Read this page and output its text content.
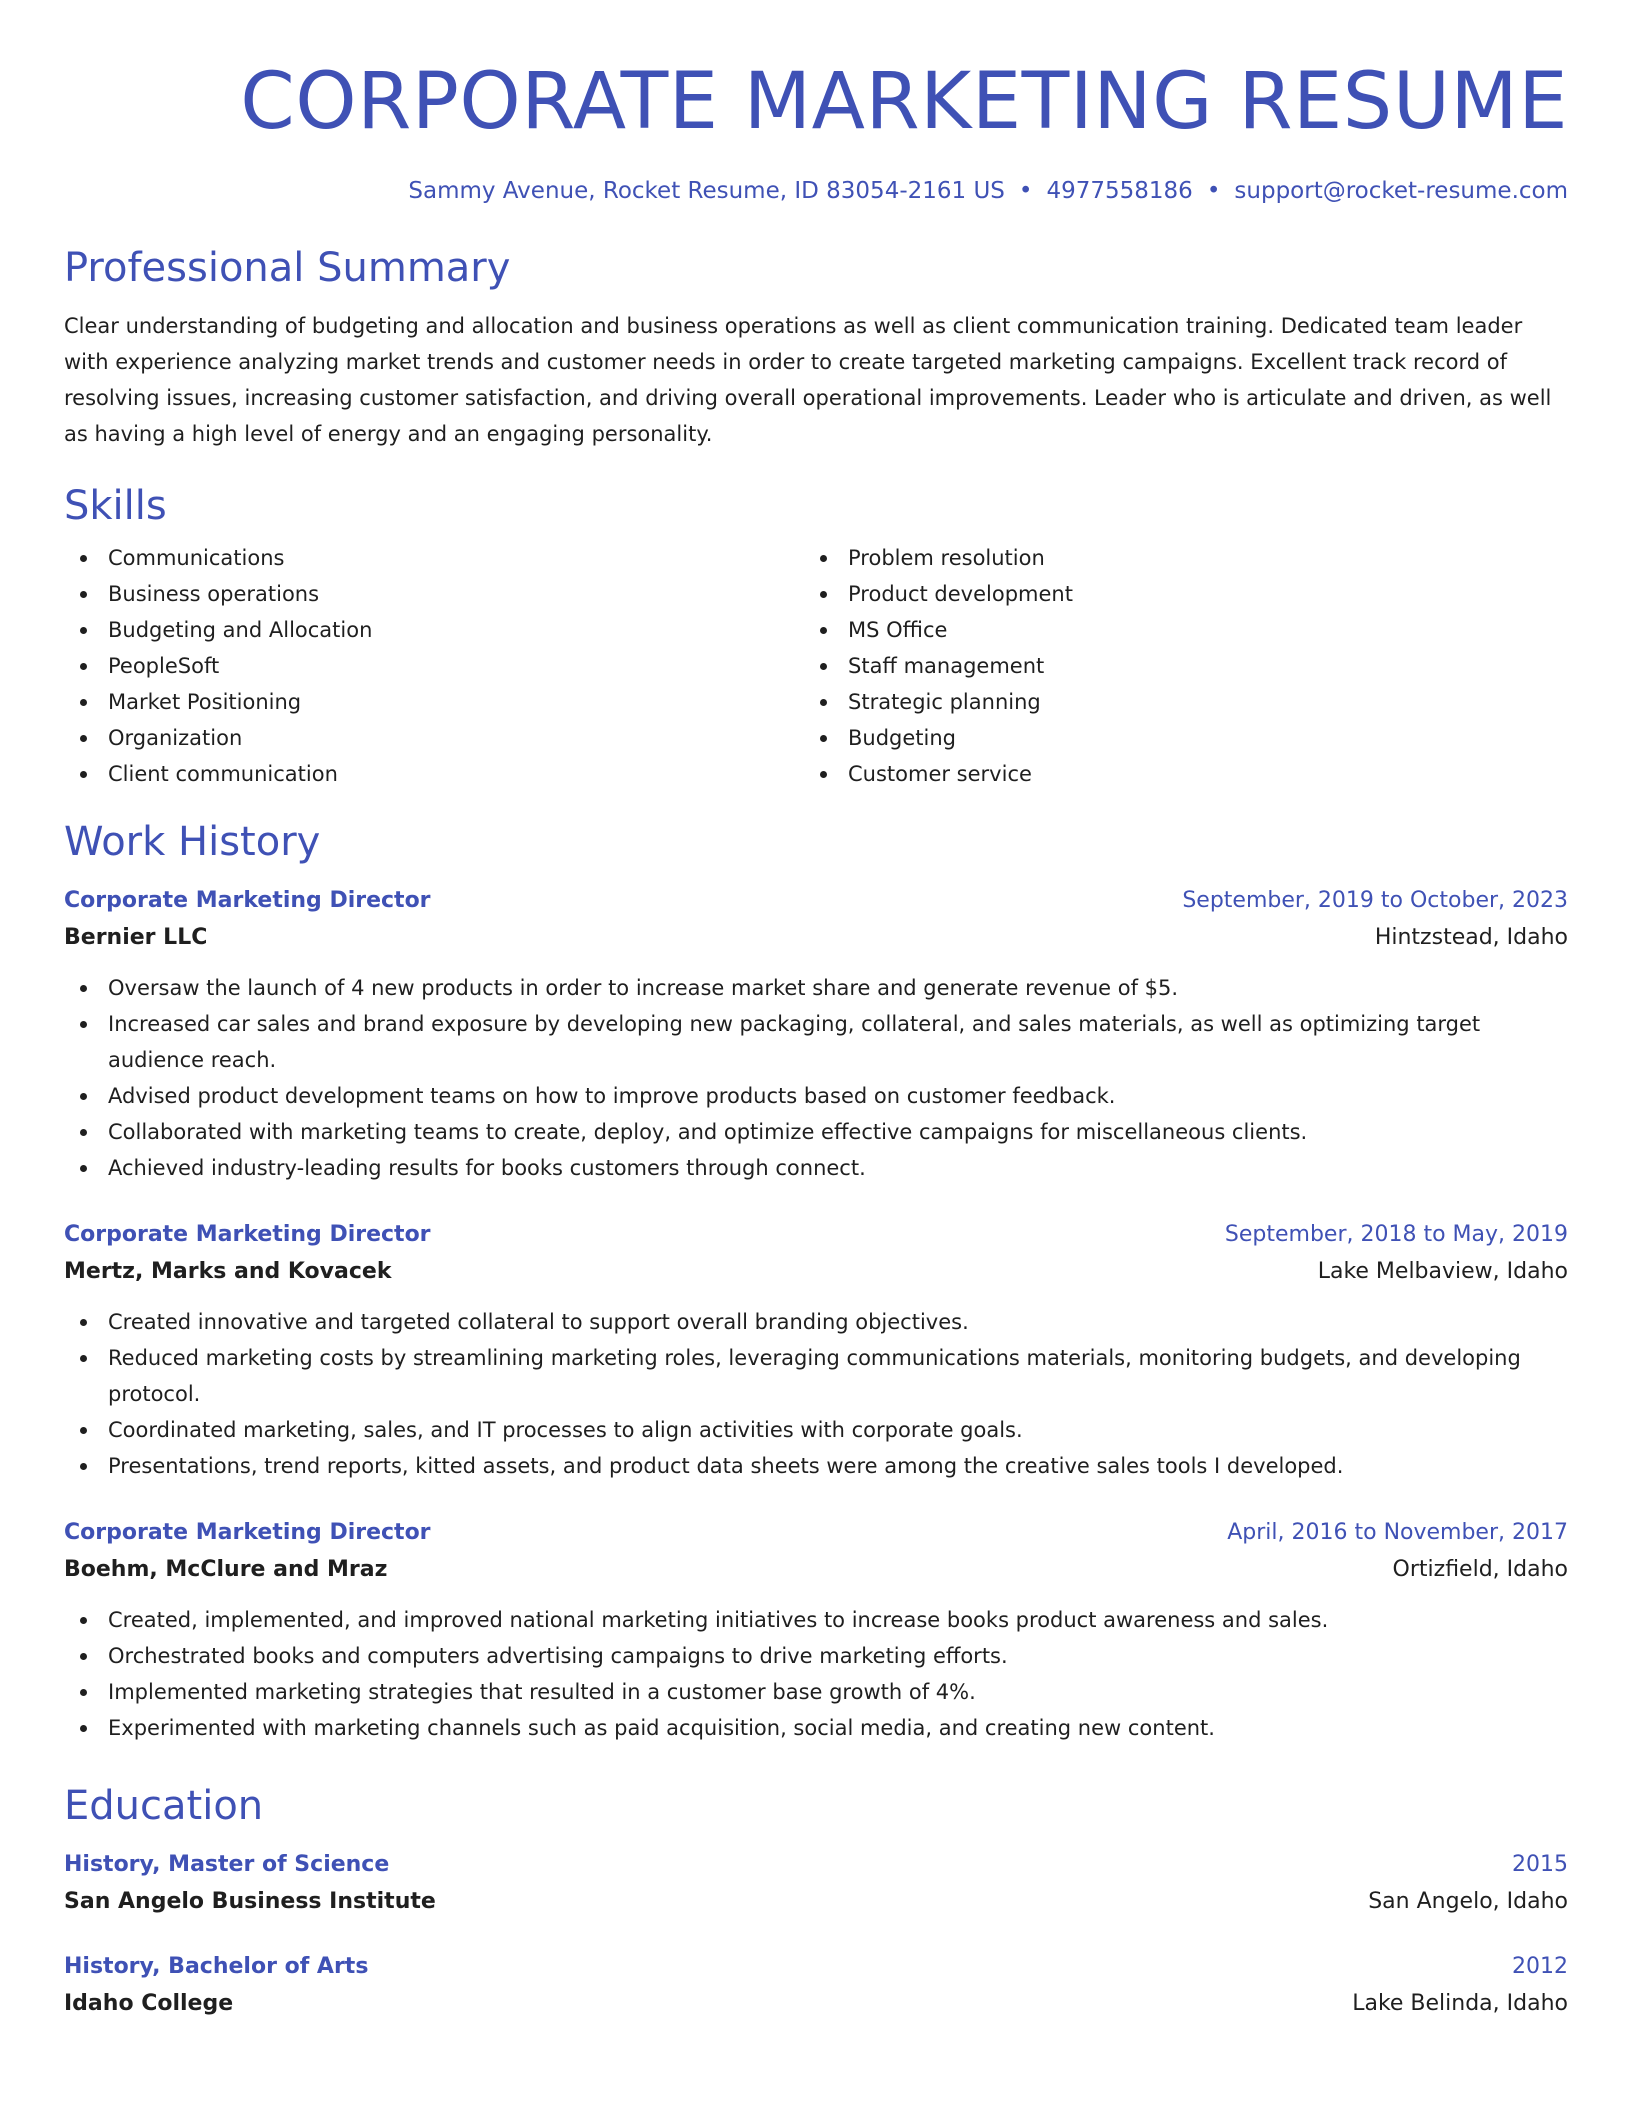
CORPORATE MARKETING RESUME
Sammy Avenue, Rocket Resume, ID 83054-2161 US • 4977558186 • support@rocket-resume.com
Professional Summary

Clear understanding of budgeting and allocation and business operations as well as client communication training. Dedicated team leader with experience analyzing market trends and customer needs in order to create targeted marketing campaigns. Excellent track record of resolving issues, increasing customer satisfaction, and driving overall operational improvements. Leader who is articulate and driven, as well as having a high level of energy and an engaging personality.

Skills
Communications
Business operations
Budgeting and Allocation
PeopleSoft
Market Positioning
Organization
Client communication
Problem resolution
Product development
MS Office
Staff management
Strategic planning
Budgeting
Customer service
Work History
Corporate Marketing Director	September, 2019 to October, 2023
Bernier LLC	Hintzstead, Idaho
Oversaw the launch of 4 new products in order to increase market share and generate revenue of $5.
Increased car sales and brand exposure by developing new packaging, collateral, and sales materials, as well as optimizing target audience reach.
Advised product development teams on how to improve products based on customer feedback.
Collaborated with marketing teams to create, deploy, and optimize effective campaigns for miscellaneous clients.
Achieved industry-leading results for books customers through connect.
Corporate Marketing Director	September, 2018 to May, 2019
Mertz, Marks and Kovacek	Lake Melbaview, Idaho
Created innovative and targeted collateral to support overall branding objectives.
Reduced marketing costs by streamlining marketing roles, leveraging communications materials, monitoring budgets, and developing protocol.
Coordinated marketing, sales, and IT processes to align activities with corporate goals.
Presentations, trend reports, kitted assets, and product data sheets were among the creative sales tools I developed.
Corporate Marketing Director	April, 2016 to November, 2017
Boehm, McClure and Mraz	Ortizfield, Idaho
Created, implemented, and improved national marketing initiatives to increase books product awareness and sales.
Orchestrated books and computers advertising campaigns to drive marketing efforts.
Implemented marketing strategies that resulted in a customer base growth of 4%.
Experimented with marketing channels such as paid acquisition, social media, and creating new content.
Education
History, Master of Science	2015
San Angelo Business Institute	San Angelo, Idaho
History, Bachelor of Arts	2012
Idaho College	Lake Belinda, Idaho
